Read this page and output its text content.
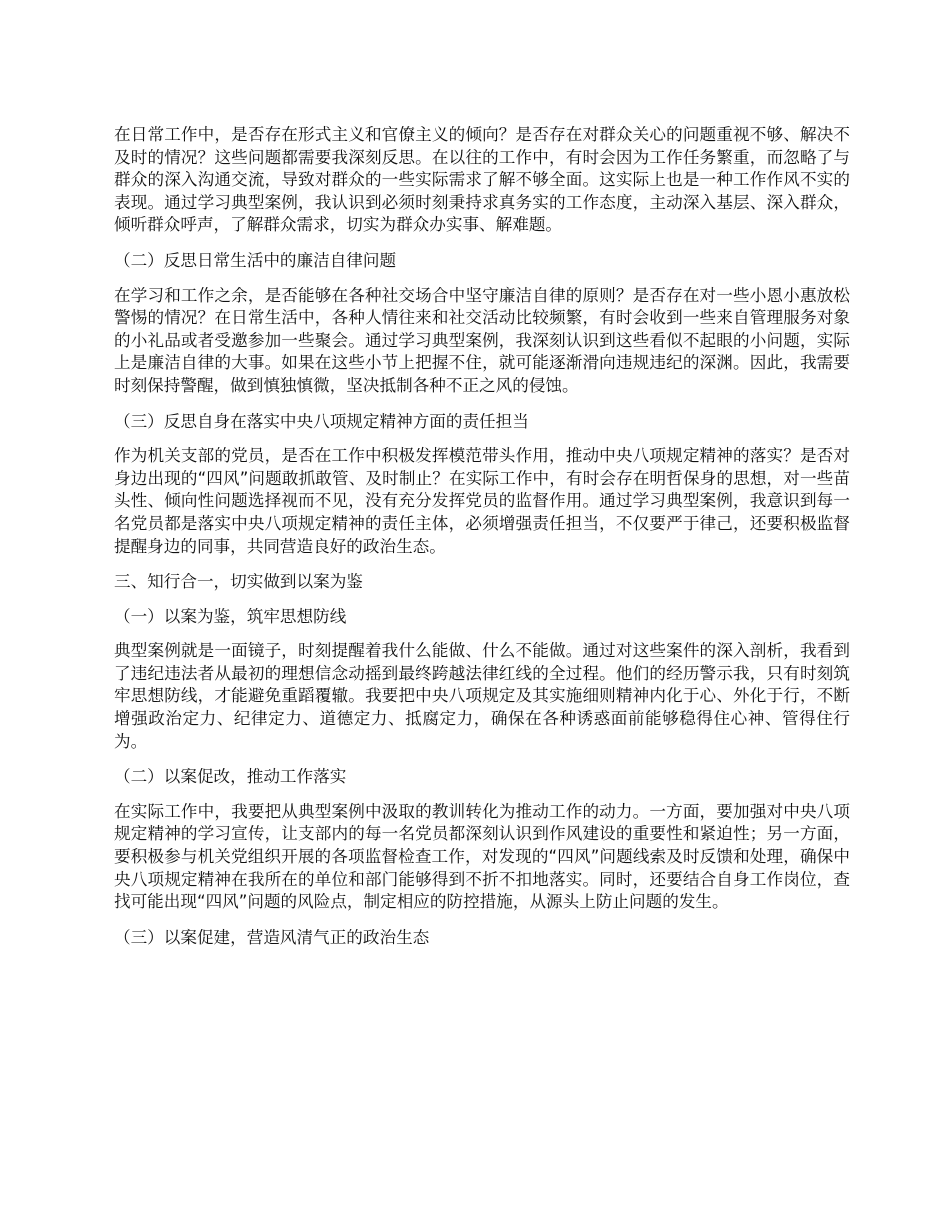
在日常工作中，是否存在形式主义和官僚主义的倾向？是否存在对群众关心的问题重视不够、解决不及时的情况？这些问题都需要我深刻反思。在以往的工作中，有时会因为工作任务繁重，而忽略了与群众的深入沟通交流，导致对群众的一些实际需求了解不够全面。这实际上也是一种工作作风不实的表现。通过学习典型案例，我认识到必须时刻秉持求真务实的工作态度，主动深入基层、深入群众，倾听群众呼声，了解群众需求，切实为群众办实事、解难题。

（二）反思日常生活中的廉洁自律问题

在学习和工作之余，是否能够在各种社交场合中坚守廉洁自律的原则？是否存在对一些小恩小惠放松警惕的情况？在日常生活中，各种人情往来和社交活动比较频繁，有时会收到一些来自管理服务对象的小礼品或者受邀参加一些聚会。通过学习典型案例，我深刻认识到这些看似不起眼的小问题，实际上是廉洁自律的大事。如果在这些小节上把握不住，就可能逐渐滑向违规违纪的深渊。因此，我需要时刻保持警醒，做到慎独慎微，坚决抵制各种不正之风的侵蚀。

（三）反思自身在落实中央八项规定精神方面的责任担当

作为机关支部的党员，是否在工作中积极发挥模范带头作用，推动中央八项规定精神的落实？是否对身边出现的“四风”问题敢抓敢管、及时制止？在实际工作中，有时会存在明哲保身的思想，对一些苗头性、倾向性问题选择视而不见，没有充分发挥党员的监督作用。通过学习典型案例，我意识到每一名党员都是落实中央八项规定精神的责任主体，必须增强责任担当，不仅要严于律己，还要积极监督提醒身边的同事，共同营造良好的政治生态。

三、知行合一，切实做到以案为鉴

（一）以案为鉴，筑牢思想防线

典型案例就是一面镜子，时刻提醒着我什么能做、什么不能做。通过对这些案件的深入剖析，我看到了违纪违法者从最初的理想信念动摇到最终跨越法律红线的全过程。他们的经历警示我，只有时刻筑牢思想防线，才能避免重蹈覆辙。我要把中央八项规定及其实施细则精神内化于心、外化于行，不断增强政治定力、纪律定力、道德定力、抵腐定力，确保在各种诱惑面前能够稳得住心神、管得住行为。

（二）以案促改，推动工作落实

在实际工作中，我要把从典型案例中汲取的教训转化为推动工作的动力。一方面，要加强对中央八项规定精神的学习宣传，让支部内的每一名党员都深刻认识到作风建设的重要性和紧迫性；另一方面，要积极参与机关党组织开展的各项监督检查工作，对发现的“四风”问题线索及时反馈和处理，确保中央八项规定精神在我所在的单位和部门能够得到不折不扣地落实。同时，还要结合自身工作岗位，查找可能出现“四风”问题的风险点，制定相应的防控措施，从源头上防止问题的发生。

（三）以案促建，营造风清气正的政治生态
